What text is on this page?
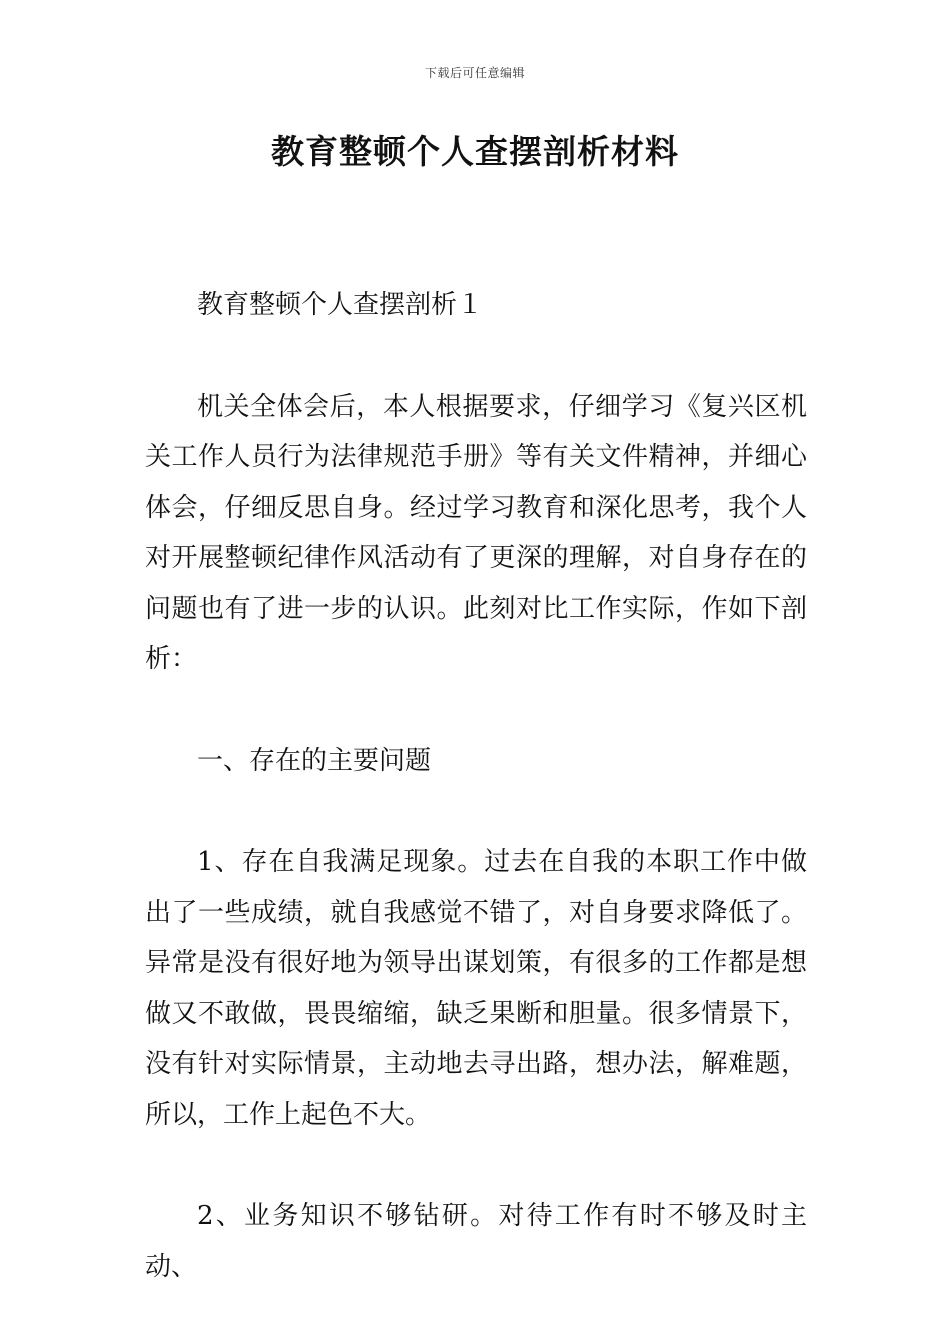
下载后可任意编辑
教育整顿个人查摆剖析材料

教育整顿个人查摆剖析１

机关全体会后，本人根据要求，仔细学习《复兴区机关工作人员行为法律规范手册》等有关文件精神，并细心体会，仔细反思自身。经过学习教育和深化思考，我个人对开展整顿纪律作风活动有了更深的理解，对自身存在的问题也有了进一步的认识。此刻对比工作实际，作如下剖析：

一、存在的主要问题

1、存在自我满足现象。过去在自我的本职工作中做出了一些成绩，就自我感觉不错了，对自身要求降低了。异常是没有很好地为领导出谋划策，有很多的工作都是想做又不敢做，畏畏缩缩，缺乏果断和胆量。很多情景下，没有针对实际情景，主动地去寻出路，想办法，解难题，所以，工作上起色不大。

2、业务知识不够钻研。对待工作有时不够及时主动、
